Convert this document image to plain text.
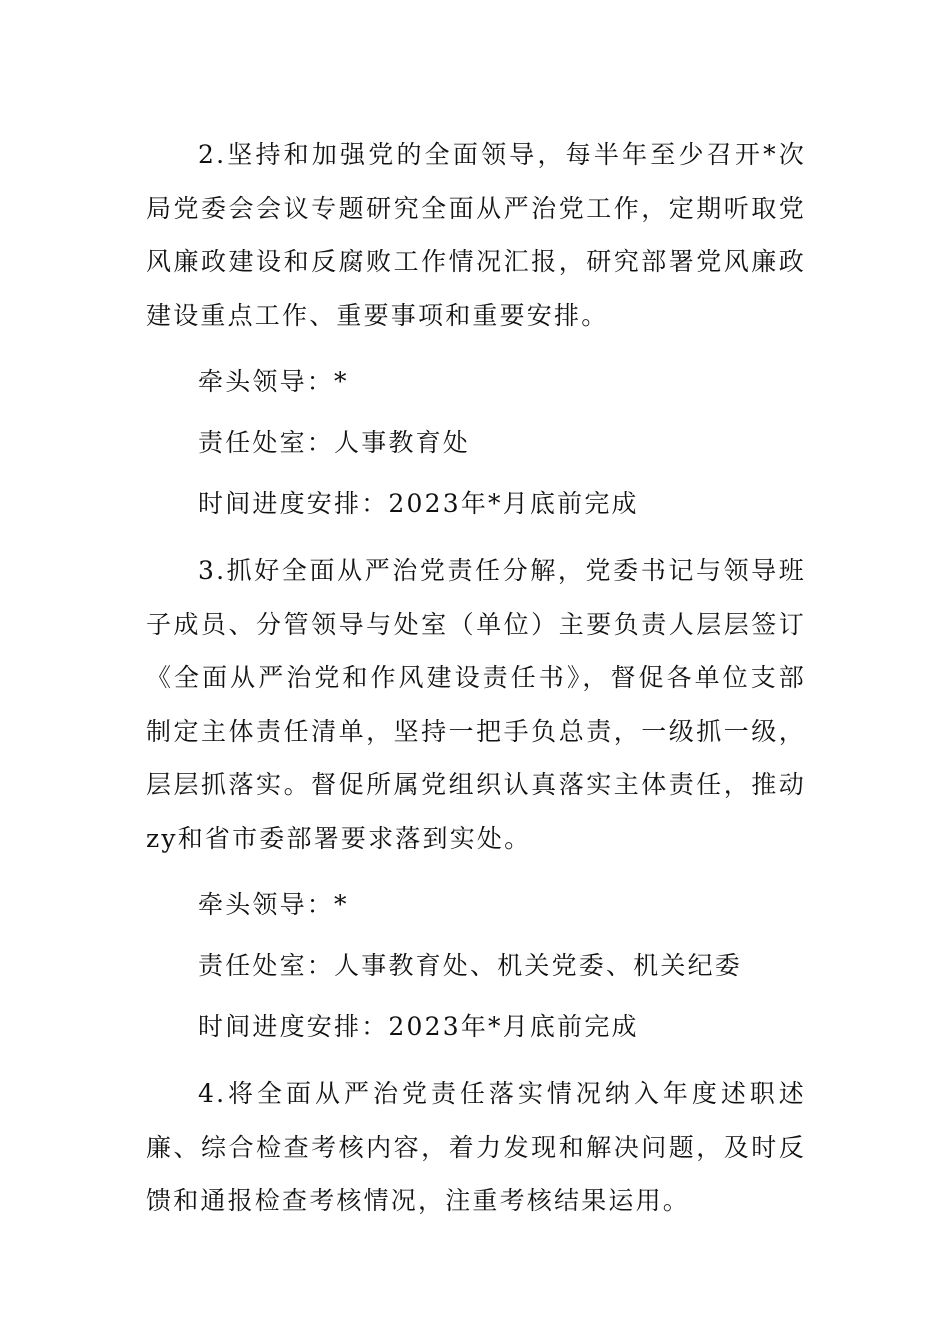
2.坚持和加强党的全面领导，每半年至少召开*次局党委会会议专题研究全面从严治党工作，定期听取党风廉政建设和反腐败工作情况汇报，研究部署党风廉政建设重点工作、重要事项和重要安排。

牵头领导：*

责任处室：人事教育处

时间进度安排：2023年*月底前完成

3.抓好全面从严治党责任分解，党委书记与领导班子成员、分管领导与处室（单位）主要负责人层层签订《全面从严治党和作风建设责任书》，督促各单位支部制定主体责任清单，坚持一把手负总责，一级抓一级，层层抓落实。督促所属党组织认真落实主体责任，推动zy和省市委部署要求落到实处。

牵头领导：*

责任处室：人事教育处、机关党委、机关纪委

时间进度安排：2023年*月底前完成

4.将全面从严治党责任落实情况纳入年度述职述廉、综合检查考核内容，着力发现和解决问题，及时反馈和通报检查考核情况，注重考核结果运用。
